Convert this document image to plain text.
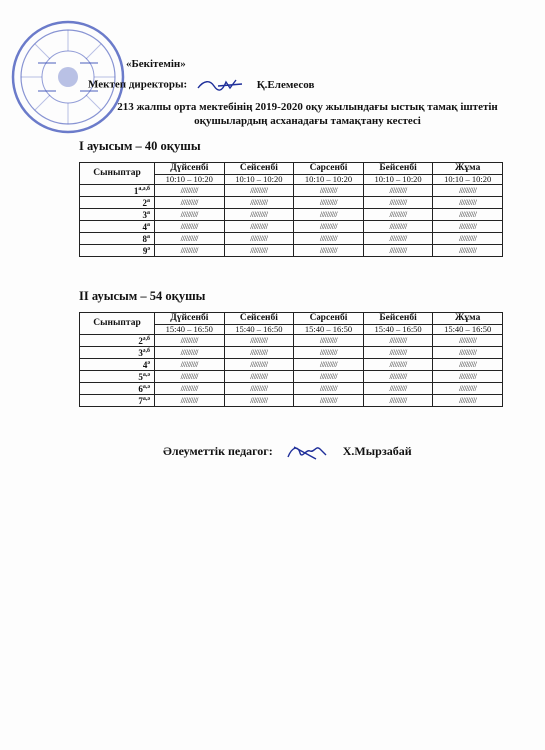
«Бекітемін»
Мектеп директоры:	Қ.Елемесов
213 жалпы орта мектебінің 2019-2020 оқу жылындағы ыстық тамақ іштетін
оқушылардың асханадағы тамақтану кестесі
І ауысым – 40 оқушы
Сыныптар	Дүйсенбі	Сейсенбі	Сәрсенбі	Бейсенбі	Жұма
	10:10 – 10:20	10:10 – 10:20	10:10 – 10:20	10:10 – 10:20	10:10 – 10:20
$1^{а,ә,б}$	//////////	//////////	//////////	//////////	//////////
$2^а$	//////////	//////////	//////////	//////////	//////////
$3^а$	//////////	//////////	//////////	//////////	//////////
$4^а$	//////////	//////////	//////////	//////////	//////////
$8^а$	//////////	//////////	//////////	//////////	//////////
$9^ә$	//////////	//////////	//////////	//////////	//////////
ІІ ауысым – 54 оқушы
Сыныптар	Дүйсенбі	Сейсенбі	Сәрсенбі	Бейсенбі	Жұма
	15:40 – 16:50	15:40 – 16:50	15:40 – 16:50	15:40 – 16:50	15:40 – 16:50
$2^{ә,б}$	//////////	//////////	//////////	//////////	//////////
$3^{ә,б}$	//////////	//////////	//////////	//////////	//////////
$4^ә$	//////////	//////////	//////////	//////////	//////////
$5^{а,ә}$	//////////	//////////	//////////	//////////	//////////
$6^{а,ә}$	//////////	//////////	//////////	//////////	//////////
$7^{а,ә}$	//////////	//////////	//////////	//////////	//////////
Әлеуметтік педагог:	Х.Мырзабай
